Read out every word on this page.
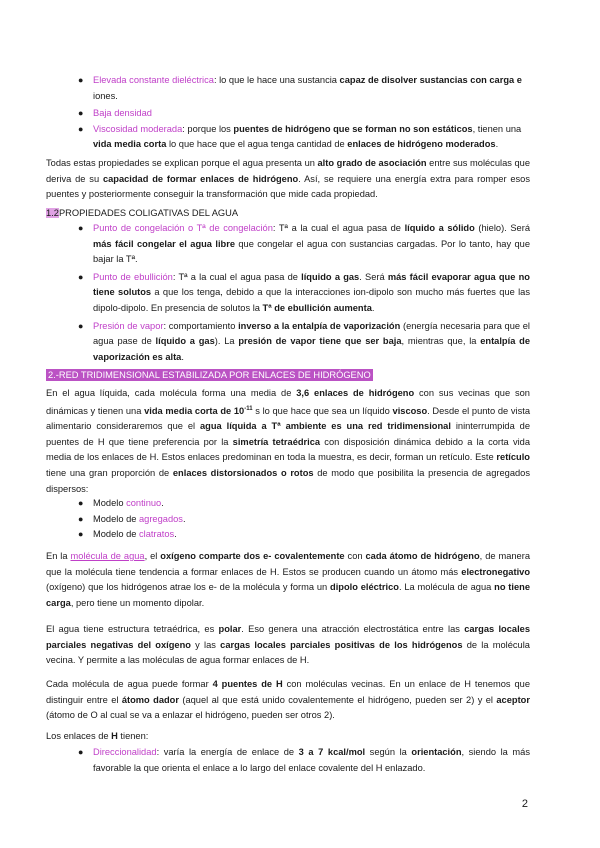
● Elevada constante dieléctrica: lo que le hace una sustancia capaz de disolver sustancias con carga e
iones.
● Baja densidad
● Viscosidad moderada: porque los puentes de hidrógeno que se forman no son estáticos, tienen una
vida media corta lo que hace que el agua tenga cantidad de enlaces de hidrógeno moderados.

Todas estas propiedades se explican porque el agua presenta un alto grado de asociación entre sus moléculas que deriva de su capacidad de formar enlaces de hidrógeno. Así, se requiere una energía extra para romper esos puentes y posteriormente conseguir la transformación que mide cada propiedad.

1.2PROPIEDADES COLIGATIVAS DEL AGUA
● Punto de congelación o Tª de congelación: Tª a la cual el agua pasa de líquido a sólido (hielo). Será más fácil congelar el agua libre que congelar el agua con sustancias cargadas. Por lo tanto, hay que bajar la Tª.
● Punto de ebullición: Tª a la cual el agua pasa de líquido a gas. Será más fácil evaporar agua que no tiene solutos a que los tenga, debido a que la interacciones ion-dipolo son mucho más fuertes que las dipolo-dipolo. En presencia de solutos la Tª de ebullición aumenta.
● Presión de vapor: comportamiento inverso a la entalpía de vaporización (energía necesaria para que el agua pase de líquido a gas). La presión de vapor tiene que ser baja, mientras que, la entalpía de vaporización es alta.
2.-RED TRIDIMENSIONAL ESTABILIZADA POR ENLACES DE HIDRÓGENO

En el agua líquida, cada molécula forma una media de 3,6 enlaces de hidrógeno con sus vecinas que son dinámicas y tienen una vida media corta de $10^{-11}$ s lo que hace que sea un líquido viscoso. Desde el punto de vista alimentario consideraremos que el agua líquida a Tª ambiente es una red tridimensional ininterrumpida de puentes de H que tiene preferencia por la simetría tetraédrica con disposición dinámica debido a la corta vida media de los enlaces de H. Estos enlaces predominan en toda la muestra, es decir, forman un retículo. Este retículo tiene una gran proporción de enlaces distorsionados o rotos de modo que posibilita la presencia de agregados dispersos:

● Modelo continuo.
● Modelo de agregados.
● Modelo de clatratos.

En la molécula de agua, el oxígeno comparte dos e- covalentemente con cada átomo de hidrógeno, de manera que la molécula tiene tendencia a formar enlaces de H. Estos se producen cuando un átomo más electronegativo (oxígeno) que los hidrógenos atrae los e- de la molécula y forma un dipolo eléctrico. La molécula de agua no tiene carga, pero tiene un momento dipolar.

El agua tiene estructura tetraédrica, es polar. Eso genera una atracción electrostática entre las cargas locales parciales negativas del oxígeno y las cargas locales parciales positivas de los hidrógenos de la molécula vecina. Y permite a las moléculas de agua formar enlaces de H.

Cada molécula de agua puede formar 4 puentes de H con moléculas vecinas. En un enlace de H tenemos que distinguir entre el átomo dador (aquel al que está unido covalentemente el hidrógeno, pueden ser 2) y el aceptor (átomo de O al cual se va a enlazar el hidrógeno, pueden ser otros 2).

Los enlaces de H tienen:

● Direccionalidad: varía la energía de enlace de 3 a 7 kcal/mol según la orientación, siendo la más favorable la que orienta el enlace a lo largo del enlace covalente del H enlazado.
2
